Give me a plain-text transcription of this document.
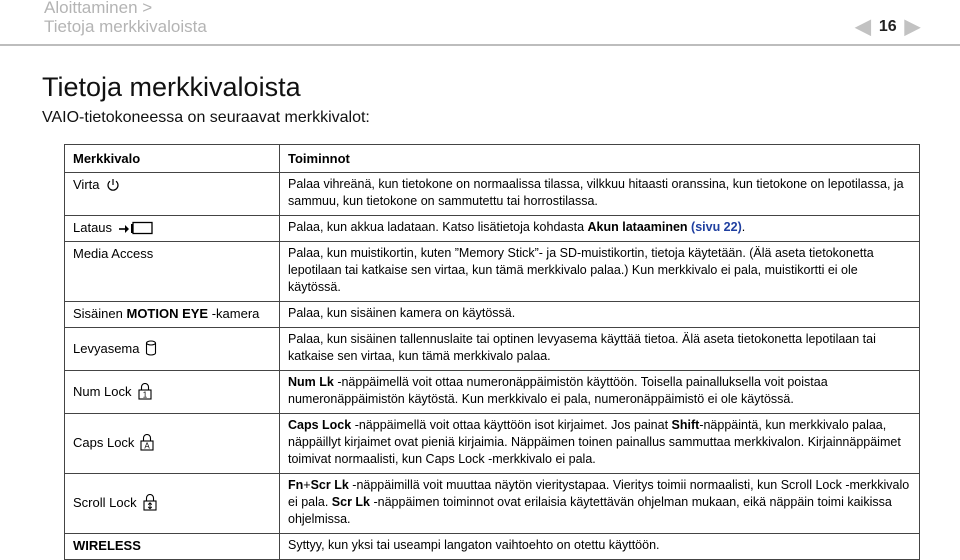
Aloittaminen >
Tietoja merkkivaloista	◀ 16 ▶
Tietoja merkkivaloista
VAIO-tietokoneessa on seuraavat merkkivalot:
Merkkivalo	Toiminnot

Virta	Palaa vihreänä, kun tietokone on normaalissa tilassa, vilkkuu hitaasti oranssina, kun tietokone on lepotilassa, ja sammuu, kun tietokone on sammutettu tai horrostilassa.

Lataus	Palaa, kun akkua ladataan. Katso lisätietoja kohdasta Akun lataaminen (sivu 22).
Media Access	Palaa, kun muistikortin, kuten ”Memory Stick”- ja SD-muistikortin, tietoja käytetään. (Älä aseta tietokonetta lepotilaan tai katkaise sen virtaa, kun tämä merkkivalo palaa.) Kun merkkivalo ei pala, muistikortti ei ole käytössä.
Sisäinen MOTION EYE -kamera	Palaa, kun sisäinen kamera on käytössä.

Levyasema	Palaa, kun sisäinen tallennuslaite tai optinen levyasema käyttää tietoa. Älä aseta tietokonetta lepotilaan tai katkaise sen virtaa, kun tämä merkkivalo palaa.

Num Lock 1	Num Lk -näppäimellä voit ottaa numeronäppäimistön käyttöön. Toisella painalluksella voit poistaa numeronäppäimistön käytöstä. Kun merkkivalo ei pala, numeronäppäimistö ei ole käytössä.

Caps Lock A	Caps Lock -näppäimellä voit ottaa käyttöön isot kirjaimet. Jos painat Shift-näppäintä, kun merkkivalo palaa, näppäillyt kirjaimet ovat pieniä kirjaimia. Näppäimen toinen painallus sammuttaa merkkivalon. Kirjainnäppäimet toimivat normaalisti, kun Caps Lock -merkkivalo ei pala.

Scroll Lock	Fn+Scr Lk -näppäimillä voit muuttaa näytön vieritystapaa. Vieritys toimii normaalisti, kun Scroll Lock -merkkivalo ei pala. Scr Lk -näppäimen toiminnot ovat erilaisia käytettävän ohjelman mukaan, eikä näppäin toimi kaikissa ohjelmissa.
WIRELESS	Syttyy, kun yksi tai useampi langaton vaihtoehto on otettu käyttöön.
